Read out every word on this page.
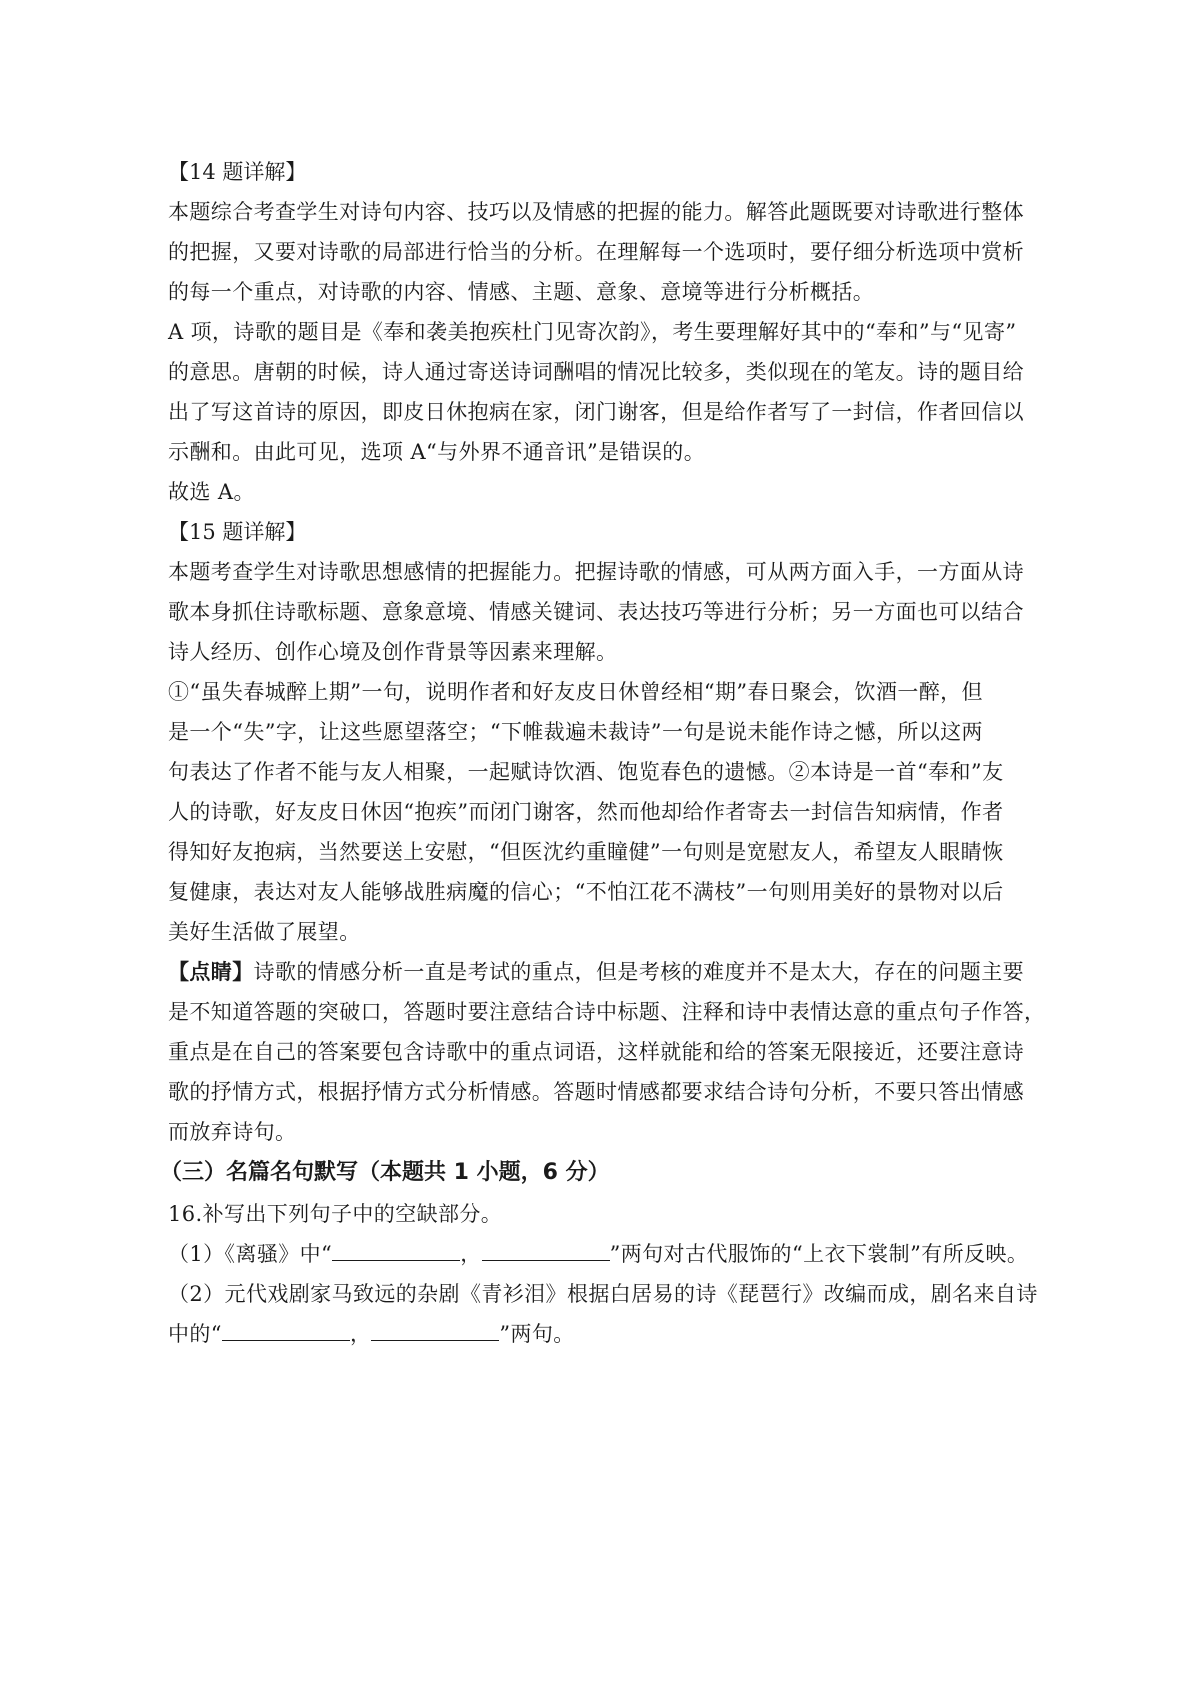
【14 题详解】
本题综合考查学生对诗句内容、技巧以及情感的把握的能力。解答此题既要对诗歌进行整体
的把握，又要对诗歌的局部进行恰当的分析。在理解每一个选项时，要仔细分析选项中赏析
的每一个重点，对诗歌的内容、情感、主题、意象、意境等进行分析概括。
A 项，诗歌的题目是《奉和袭美抱疾杜门见寄次韵》，考生要理解好其中的“奉和”与“见寄”
的意思。唐朝的时候，诗人通过寄送诗词酬唱的情况比较多，类似现在的笔友。诗的题目给
出了写这首诗的原因，即皮日休抱病在家，闭门谢客，但是给作者写了一封信，作者回信以
示酬和。由此可见，选项 A“与外界不通音讯”是错误的。
故选 A。
【15 题详解】
本题考查学生对诗歌思想感情的把握能力。把握诗歌的情感，可从两方面入手，一方面从诗
歌本身抓住诗歌标题、意象意境、情感关键词、表达技巧等进行分析；另一方面也可以结合
诗人经历、创作心境及创作背景等因素来理解。
①“虽失春城醉上期”一句，说明作者和好友皮日休曾经相“期”春日聚会，饮酒一醉，但
是一个“失”字，让这些愿望落空；“下帷裁遍未裁诗”一句是说未能作诗之憾，所以这两
句表达了作者不能与友人相聚，一起赋诗饮酒、饱览春色的遗憾。②本诗是一首“奉和”友
人的诗歌，好友皮日休因“抱疾”而闭门谢客，然而他却给作者寄去一封信告知病情，作者
得知好友抱病，当然要送上安慰，“但医沈约重瞳健”一句则是宽慰友人，希望友人眼睛恢
复健康，表达对友人能够战胜病魔的信心；“不怕江花不满枝”一句则用美好的景物对以后
美好生活做了展望。
【点睛】诗歌的情感分析一直是考试的重点，但是考核的难度并不是太大，存在的问题主要
是不知道答题的突破口，答题时要注意结合诗中标题、注释和诗中表情达意的重点句子作答，
重点是在自己的答案要包含诗歌中的重点词语，这样就能和给的答案无限接近，还要注意诗
歌的抒情方式，根据抒情方式分析情感。答题时情感都要求结合诗句分析，不要只答出情感
而放弃诗句。
（三）名篇名句默写（本题共 1 小题，6 分）
16.补写出下列句子中的空缺部分。
（1）《离骚》中“	，	”两句对古代服饰的“上衣下裳制”有所反映。
（2）元代戏剧家马致远的杂剧《青衫泪》根据白居易的诗《琵琶行》改编而成，剧名来自诗
中的“	，	”两句。
